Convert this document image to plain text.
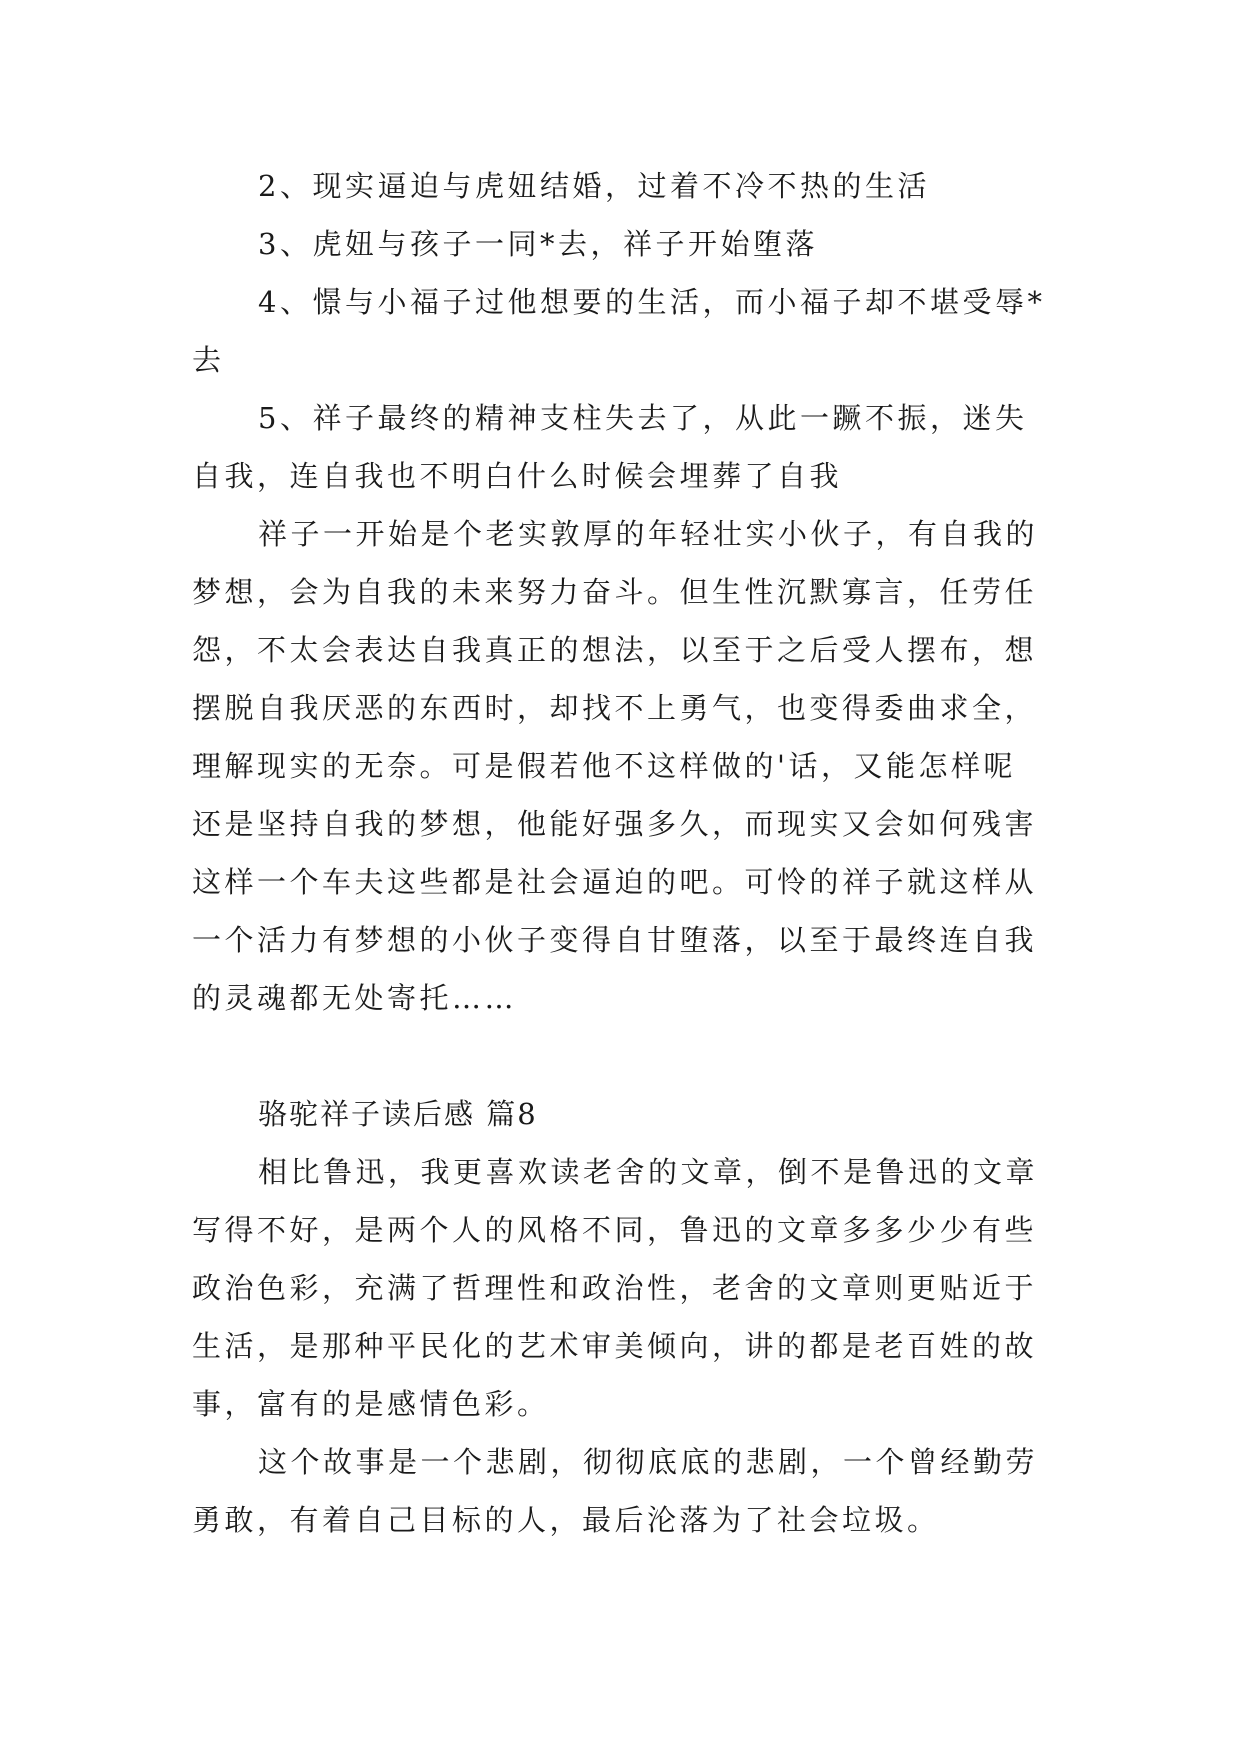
2、现实逼迫与虎妞结婚，过着不冷不热的生活
3、虎妞与孩子一同*去，祥子开始堕落
4、憬与小福子过他想要的生活，而小福子却不堪受辱*
去
5、祥子最终的精神支柱失去了，从此一蹶不振，迷失
自我，连自我也不明白什么时候会埋葬了自我
祥子一开始是个老实敦厚的年轻壮实小伙子，有自我的
梦想，会为自我的未来努力奋斗。但生性沉默寡言，任劳任
怨，不太会表达自我真正的想法，以至于之后受人摆布，想
摆脱自我厌恶的东西时，却找不上勇气，也变得委曲求全，
理解现实的无奈。可是假若他不这样做的'话，又能怎样呢
还是坚持自我的梦想，他能好强多久，而现实又会如何残害
这样一个车夫这些都是社会逼迫的吧。可怜的祥子就这样从
一个活力有梦想的小伙子变得自甘堕落，以至于最终连自我
的灵魂都无处寄托……
骆驼祥子读后感 篇8
相比鲁迅，我更喜欢读老舍的文章，倒不是鲁迅的文章
写得不好，是两个人的风格不同，鲁迅的文章多多少少有些
政治色彩，充满了哲理性和政治性，老舍的文章则更贴近于
生活，是那种平民化的艺术审美倾向，讲的都是老百姓的故
事，富有的是感情色彩。
这个故事是一个悲剧，彻彻底底的悲剧，一个曾经勤劳
勇敢，有着自己目标的人，最后沦落为了社会垃圾。
